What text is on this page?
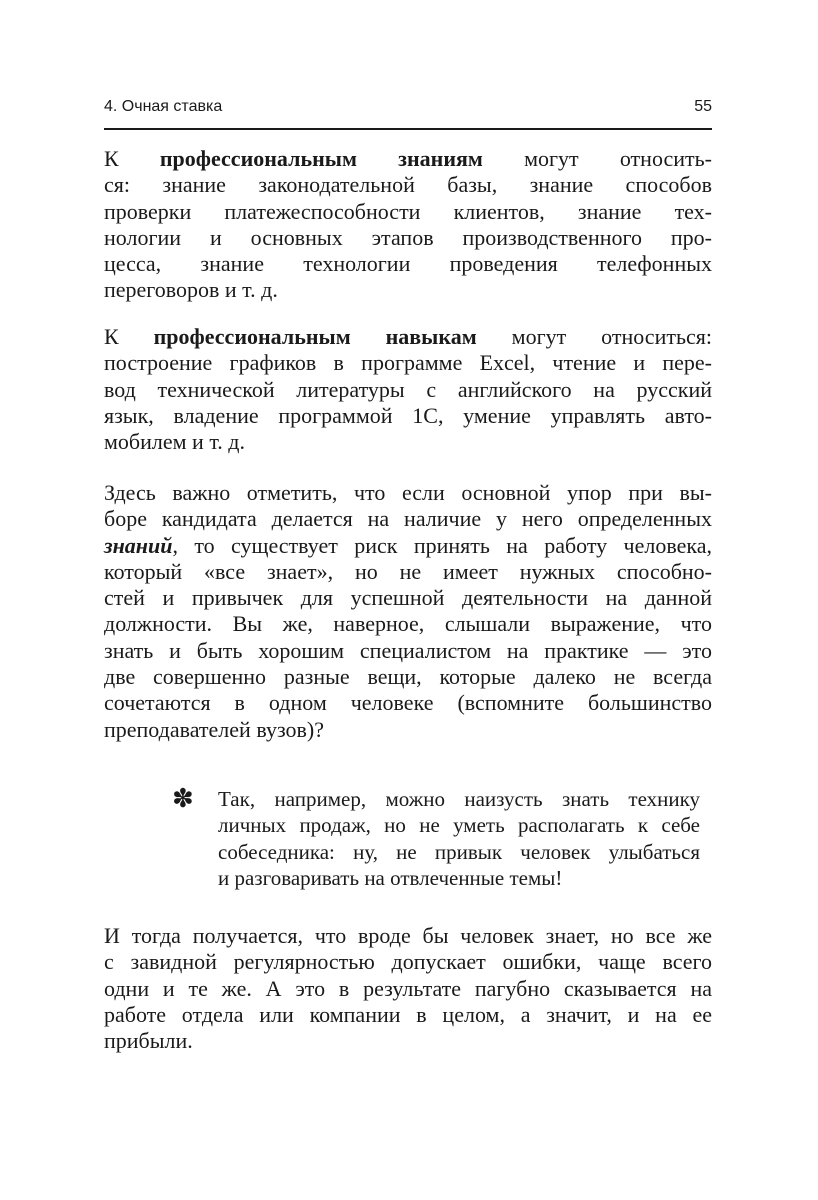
4. Очная ставка	55
К профессиональным знаниям могут относить-
ся: знание законодательной базы, знание способов
проверки платежеспособности клиентов, знание тех-
нологии и основных этапов производственного про-
цесса, знание технологии проведения телефонных
переговоров и т. д.
К профессиональным навыкам могут относиться:
построение графиков в программе Excel, чтение и пере-
вод технической литературы с английского на русский
язык, владение программой 1С, умение управлять авто-
мобилем и т. д.
Здесь важно отметить, что если основной упор при вы-
боре кандидата делается на наличие у него определенных
знаний, то существует риск принять на работу человека,
который «все знает», но не имеет нужных способно-
стей и привычек для успешной деятельности на данной
должности. Вы же, наверное, слышали выражение, что
знать и быть хорошим специалистом на практике — это
две совершенно разные вещи, которые далеко не всегда
сочетаются в одном человеке (вспомните большинство
преподавателей вузов)?
✽ Так, например, можно наизусть знать технику
личных продаж, но не уметь располагать к себе
собеседника: ну, не привык человек улыбаться
и разговаривать на отвлеченные темы!
И тогда получается, что вроде бы человек знает, но все же
с завидной регулярностью допускает ошибки, чаще всего
одни и те же. А это в результате пагубно сказывается на
работе отдела или компании в целом, а значит, и на ее
прибыли.
